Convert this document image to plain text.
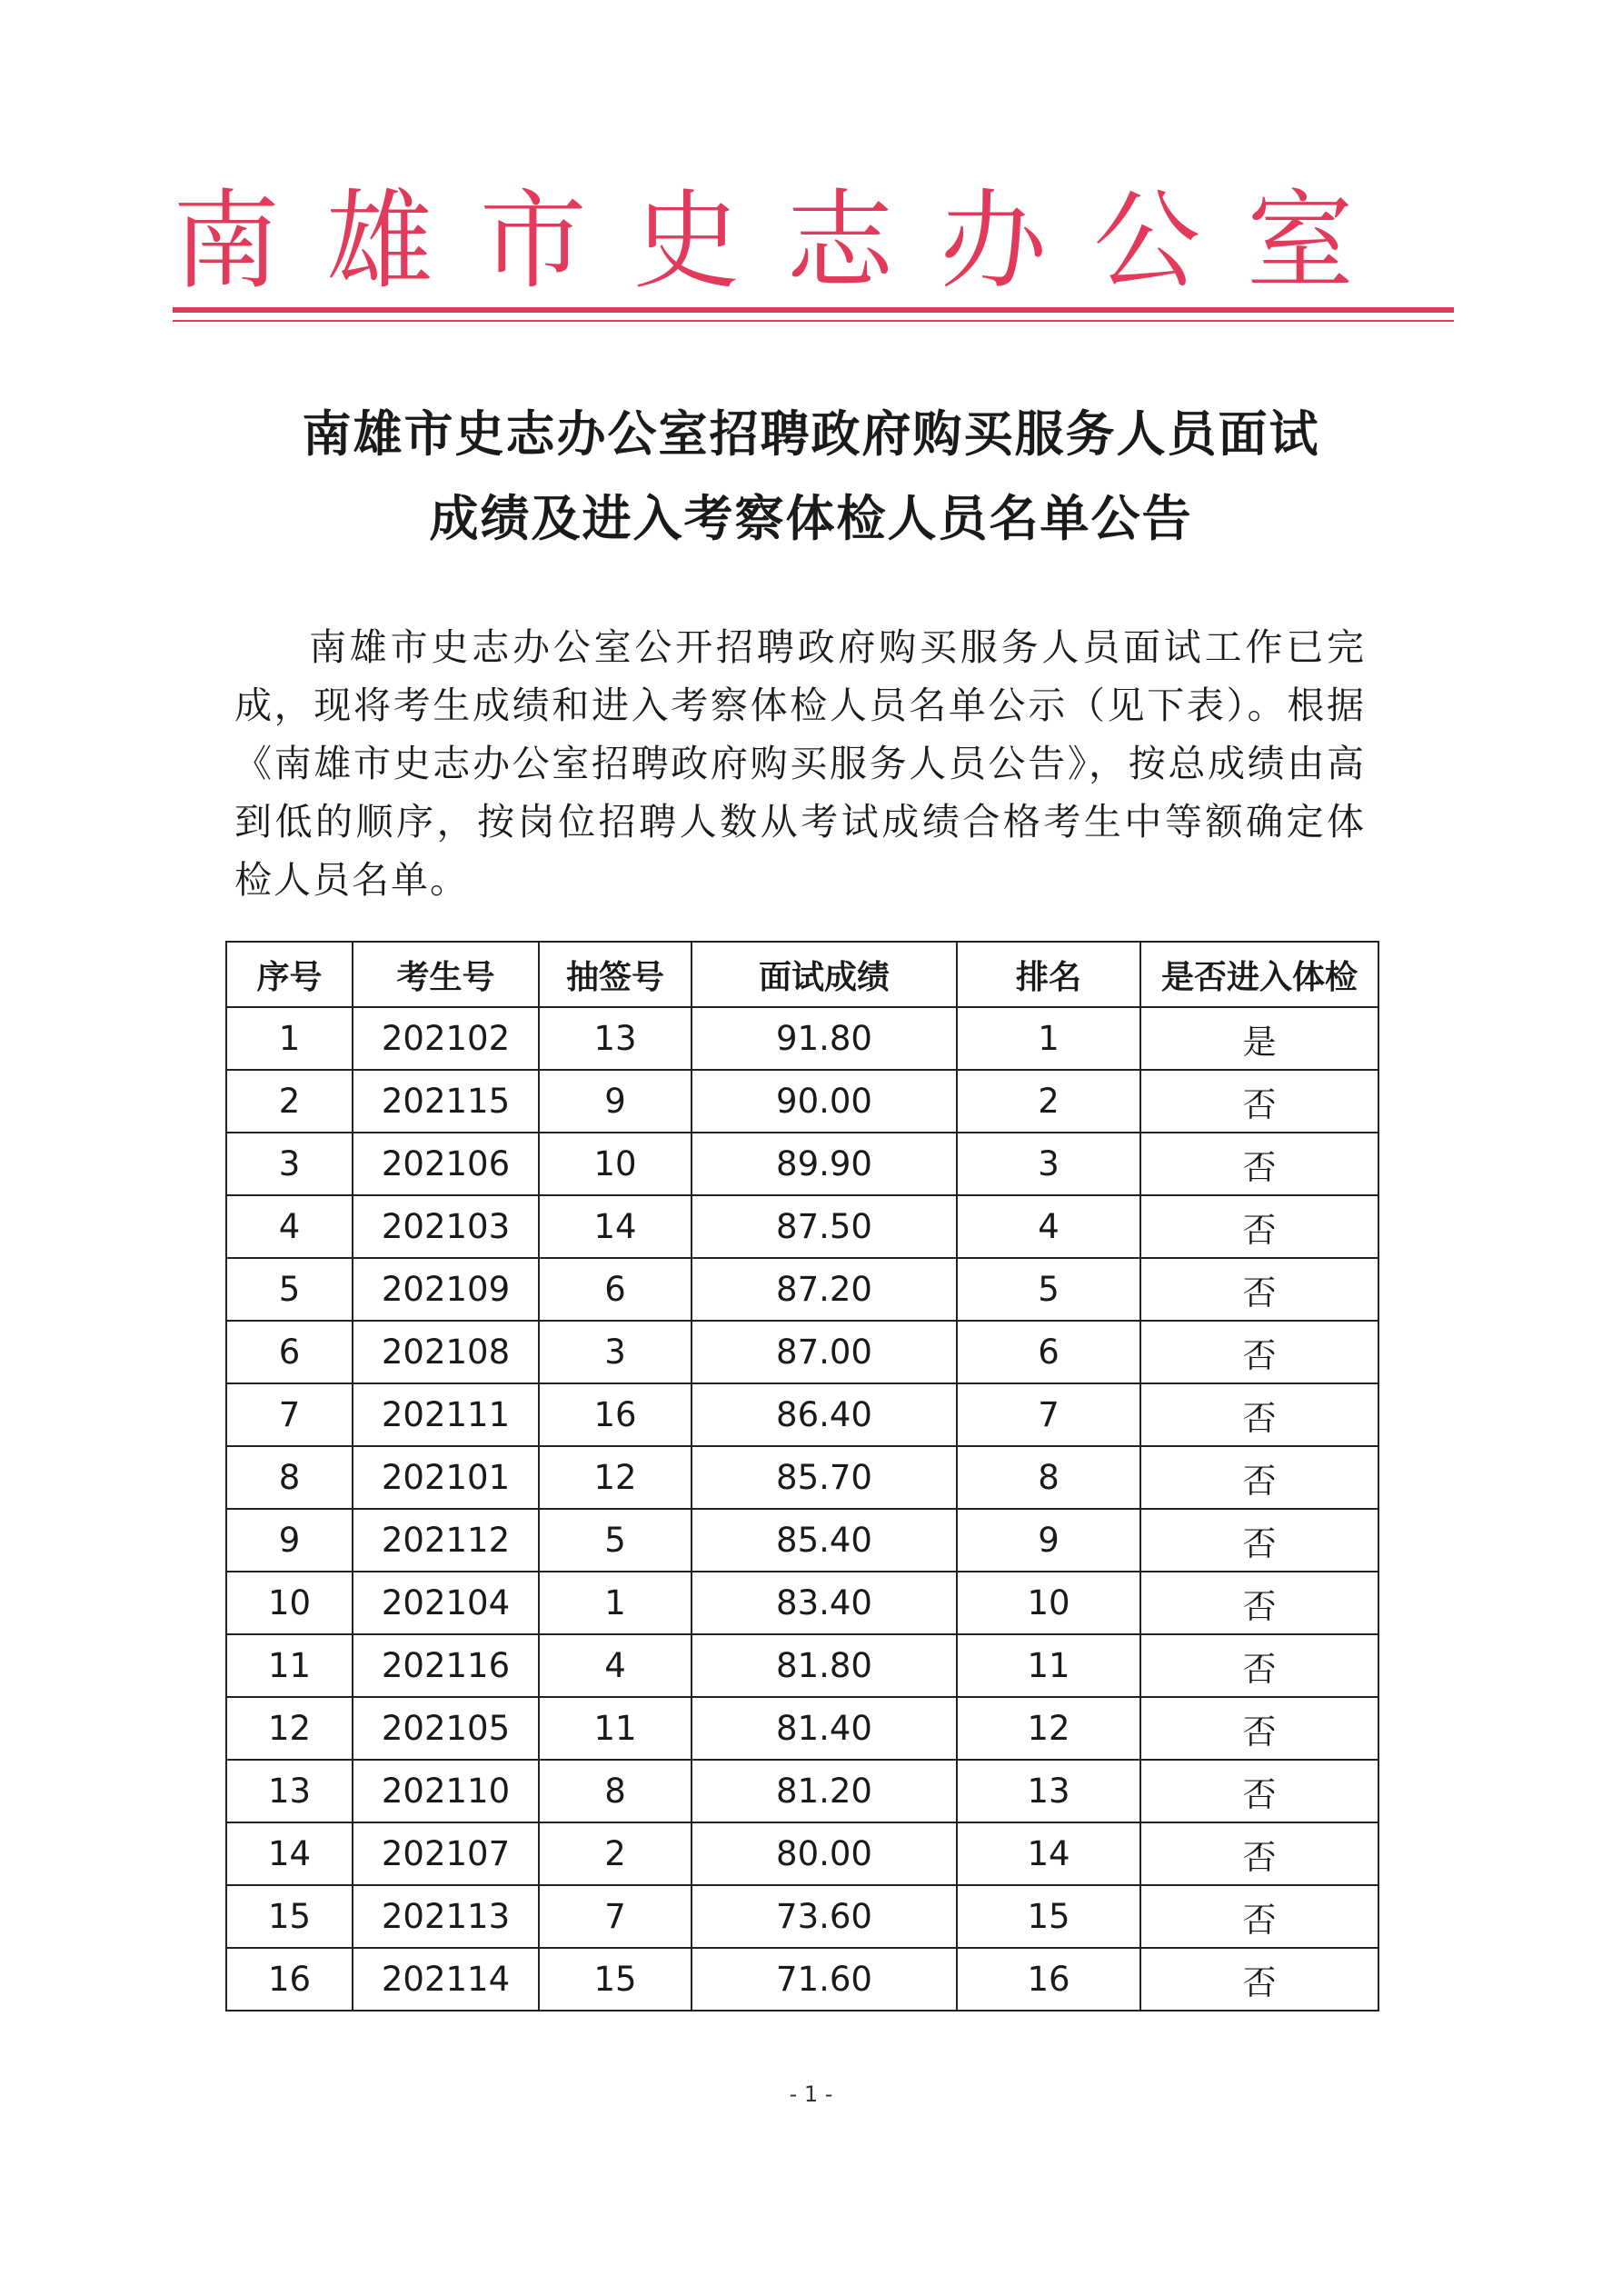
南 雄 市 史 志 办 公 室
南雄市史志办公室招聘政府购买服务人员面试
成绩及进入考察体检人员名单公告

南雄市史志办公室公开招聘政府购买服务人员面试工作已完成，现将考生成绩和进入考察体检人员名单公示（见下表）。根据《南雄市史志办公室招聘政府购买服务人员公告》，按总成绩由高到低的顺序，按岗位招聘人数从考试成绩合格考生中等额确定体检人员名单。

序号	考生号	抽签号	面试成绩	排名	是否进入体检
1	202102	13	91.80	1	是
2	202115	9	90.00	2	否
3	202106	10	89.90	3	否
4	202103	14	87.50	4	否
5	202109	6	87.20	5	否
6	202108	3	87.00	6	否
7	202111	16	86.40	7	否
8	202101	12	85.70	8	否
9	202112	5	85.40	9	否
10	202104	1	83.40	10	否
11	202116	4	81.80	11	否
12	202105	11	81.40	12	否
13	202110	8	81.20	13	否
14	202107	2	80.00	14	否
15	202113	7	73.60	15	否
16	202114	15	71.60	16	否
- 1 -
